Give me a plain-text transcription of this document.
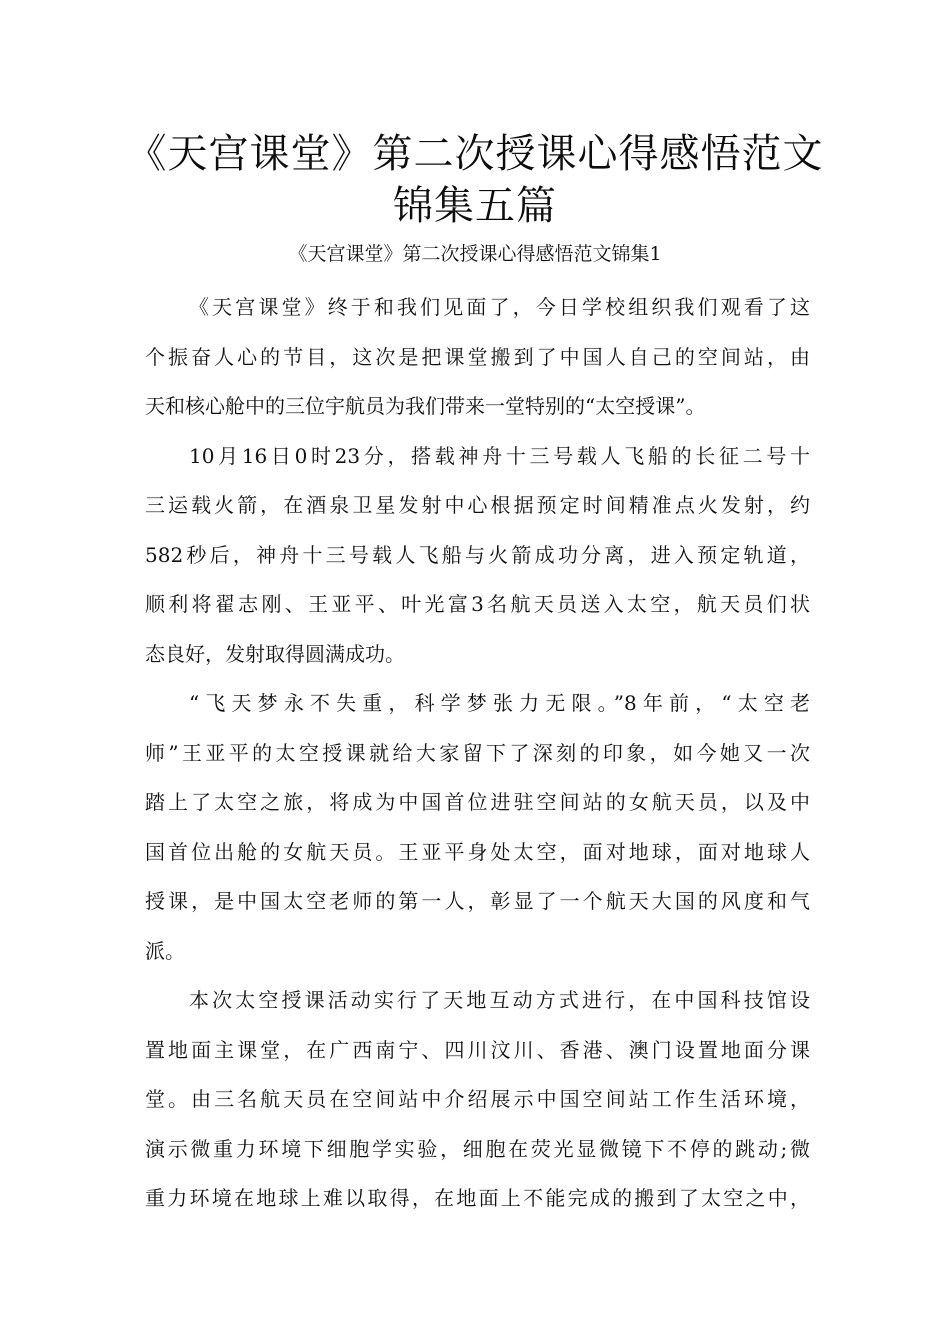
《天宫课堂》第二次授课心得感悟范文
锦集五篇

《天宫课堂》第二次授课心得感悟范文锦集1

《天宫课堂》终于和我们见面了，今日学校组织我们观看了这
个振奋人心的节目，这次是把课堂搬到了中国人自己的空间站，由
天和核心舱中的三位宇航员为我们带来一堂特别的“太空授课”。
10月16日0时23分，搭载神舟十三号载人飞船的长征二号十
三运载火箭，在酒泉卫星发射中心根据预定时间精准点火发射，约
582秒后，神舟十三号载人飞船与火箭成功分离，进入预定轨道，
顺利将翟志刚、王亚平、叶光富3名航天员送入太空，航天员们状
态良好，发射取得圆满成功。
“飞天梦永不失重，科学梦张力无限。”8年前，“太空老
师”王亚平的太空授课就给大家留下了深刻的印象，如今她又一次
踏上了太空之旅，将成为中国首位进驻空间站的女航天员，以及中
国首位出舱的女航天员。王亚平身处太空，面对地球，面对地球人
授课，是中国太空老师的第一人，彰显了一个航天大国的风度和气
派。
本次太空授课活动实行了天地互动方式进行，在中国科技馆设
置地面主课堂，在广西南宁、四川汶川、香港、澳门设置地面分课
堂。由三名航天员在空间站中介绍展示中国空间站工作生活环境，
演示微重力环境下细胞学实验，细胞在荧光显微镜下不停的跳动;微
重力环境在地球上难以取得，在地面上不能完成的搬到了太空之中，
